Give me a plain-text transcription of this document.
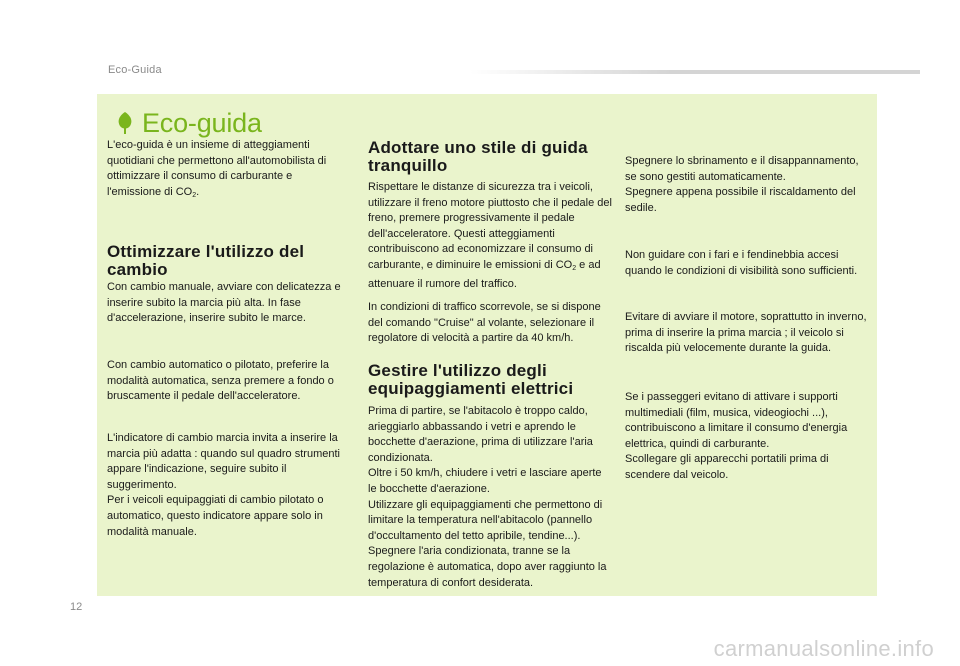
Eco-Guida
Eco-guida

L'eco-guida è un insieme di atteggiamenti quotidiani che permettono all'automobilista di ottimizzare il consumo di carburante e l'emissione di $CO_2$.

Ottimizzare l'utilizzo del cambio

Con cambio manuale, avviare con delicatezza e inserire subito la marcia più alta. In fase d'accelerazione, inserire subito le marce.

Con cambio automatico o pilotato, preferire la modalità automatica, senza premere a fondo o bruscamente il pedale dell'acceleratore.

L'indicatore di cambio marcia invita a inserire la marcia più adatta : quando sul quadro strumenti appare l'indicazione, seguire subito il suggerimento.

Per i veicoli equipaggiati di cambio pilotato o automatico, questo indicatore appare solo in modalità manuale.

Adottare uno stile di guida tranquillo

Rispettare le distanze di sicurezza tra i veicoli, utilizzare il freno motore piuttosto che il pedale del freno, premere progressivamente il pedale dell'acceleratore. Questi atteggiamenti contribuiscono ad economizzare il consumo di carburante, e diminuire le emissioni di $CO_2$ e ad attenuare il rumore del traffico.

In condizioni di traffico scorrevole, se si dispone del comando "Cruise" al volante, selezionare il regolatore di velocità a partire da 40 km/h.

Gestire l'utilizzo degli equipaggiamenti elettrici

Prima di partire, se l'abitacolo è troppo caldo, arieggiarlo abbassando i vetri e aprendo le bocchette d'aerazione, prima di utilizzare l'aria condizionata.

Oltre i 50 km/h, chiudere i vetri e lasciare aperte le bocchette d'aerazione.

Utilizzare gli equipaggiamenti che permettono di limitare la temperatura nell'abitacolo (pannello d'occultamento del tetto apribile, tendine...).

Spegnere l'aria condizionata, tranne se la regolazione è automatica, dopo aver raggiunto la temperatura di confort desiderata.

Spegnere lo sbrinamento e il disappannamento, se sono gestiti automaticamente.

Spegnere appena possibile il riscaldamento del sedile.

Non guidare con i fari e i fendinebbia accesi quando le condizioni di visibilità sono sufficienti.

Evitare di avviare il motore, soprattutto in inverno, prima di inserire la prima marcia ; il veicolo si riscalda più velocemente durante la guida.

Se i passeggeri evitano di attivare i supporti multimediali (film, musica, videogiochi ...), contribuiscono a limitare il consumo d'energia elettrica, quindi di carburante.

Scollegare gli apparecchi portatili prima di scendere dal veicolo.

12
carmanualsonline.info
